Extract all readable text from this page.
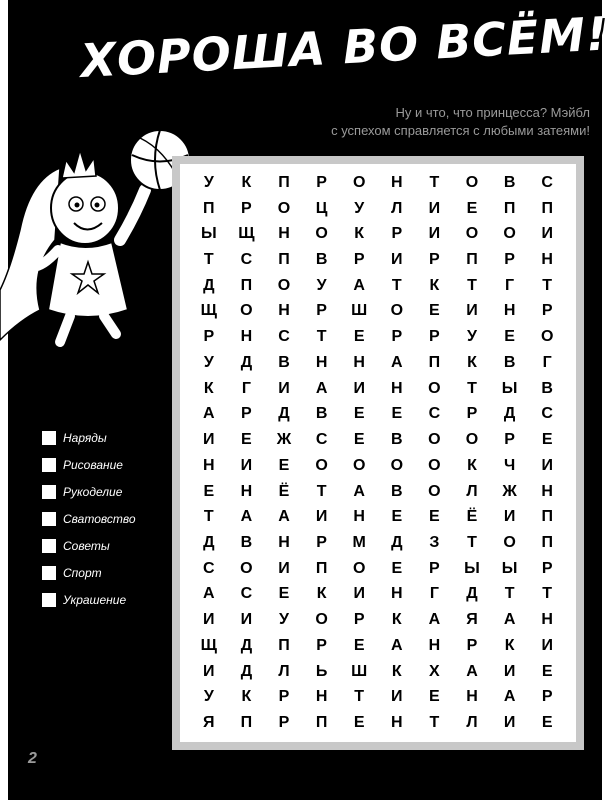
ХОРОША ВО ВСЁМ!
Ну и что, что принцесса? Мэйбл
с успехом справляется с любыми затеями!
У	К	П	Р	О	Н	Т	О	В	С
П	Р	О	Ц	У	Л	И	Е	П	П
Ы	Щ	Н	О	К	Р	И	О	О	И
Т	С	П	В	Р	И	Р	П	Р	Н
Д	П	О	У	А	Т	К	Т	Г	Т
Щ	О	Н	Р	Ш	О	Е	И	Н	Р
Р	Н	С	Т	Е	Р	Р	У	Е	О
У	Д	В	Н	Н	А	П	К	В	Г
К	Г	И	А	И	Н	О	Т	Ы	В
А	Р	Д	В	Е	Е	С	Р	Д	С
И	Е	Ж	С	Е	В	О	О	Р	Е
Н	И	Е	О	О	О	О	К	Ч	И
Е	Н	Ё	Т	А	В	О	Л	Ж	Н
Т	А	А	И	Н	Е	Е	Ё	И	П
Д	В	Н	Р	М	Д	З	Т	О	П
С	О	И	П	О	Е	Р	Ы	Ы	Р
А	С	Е	К	И	Н	Г	Д	Т	Т
И	И	У	О	Р	К	А	Я	А	Н
Щ	Д	П	Р	Е	А	Н	Р	К	И
И	Д	Л	Ь	Ш	К	Х	А	И	Е
У	К	Р	Н	Т	И	Е	Н	А	Р
Я	П	Р	П	Е	Н	Т	Л	И	Е
Наряды
Рисование
Рукоделие
Сватовство
Советы
Спорт
Украшение
2
